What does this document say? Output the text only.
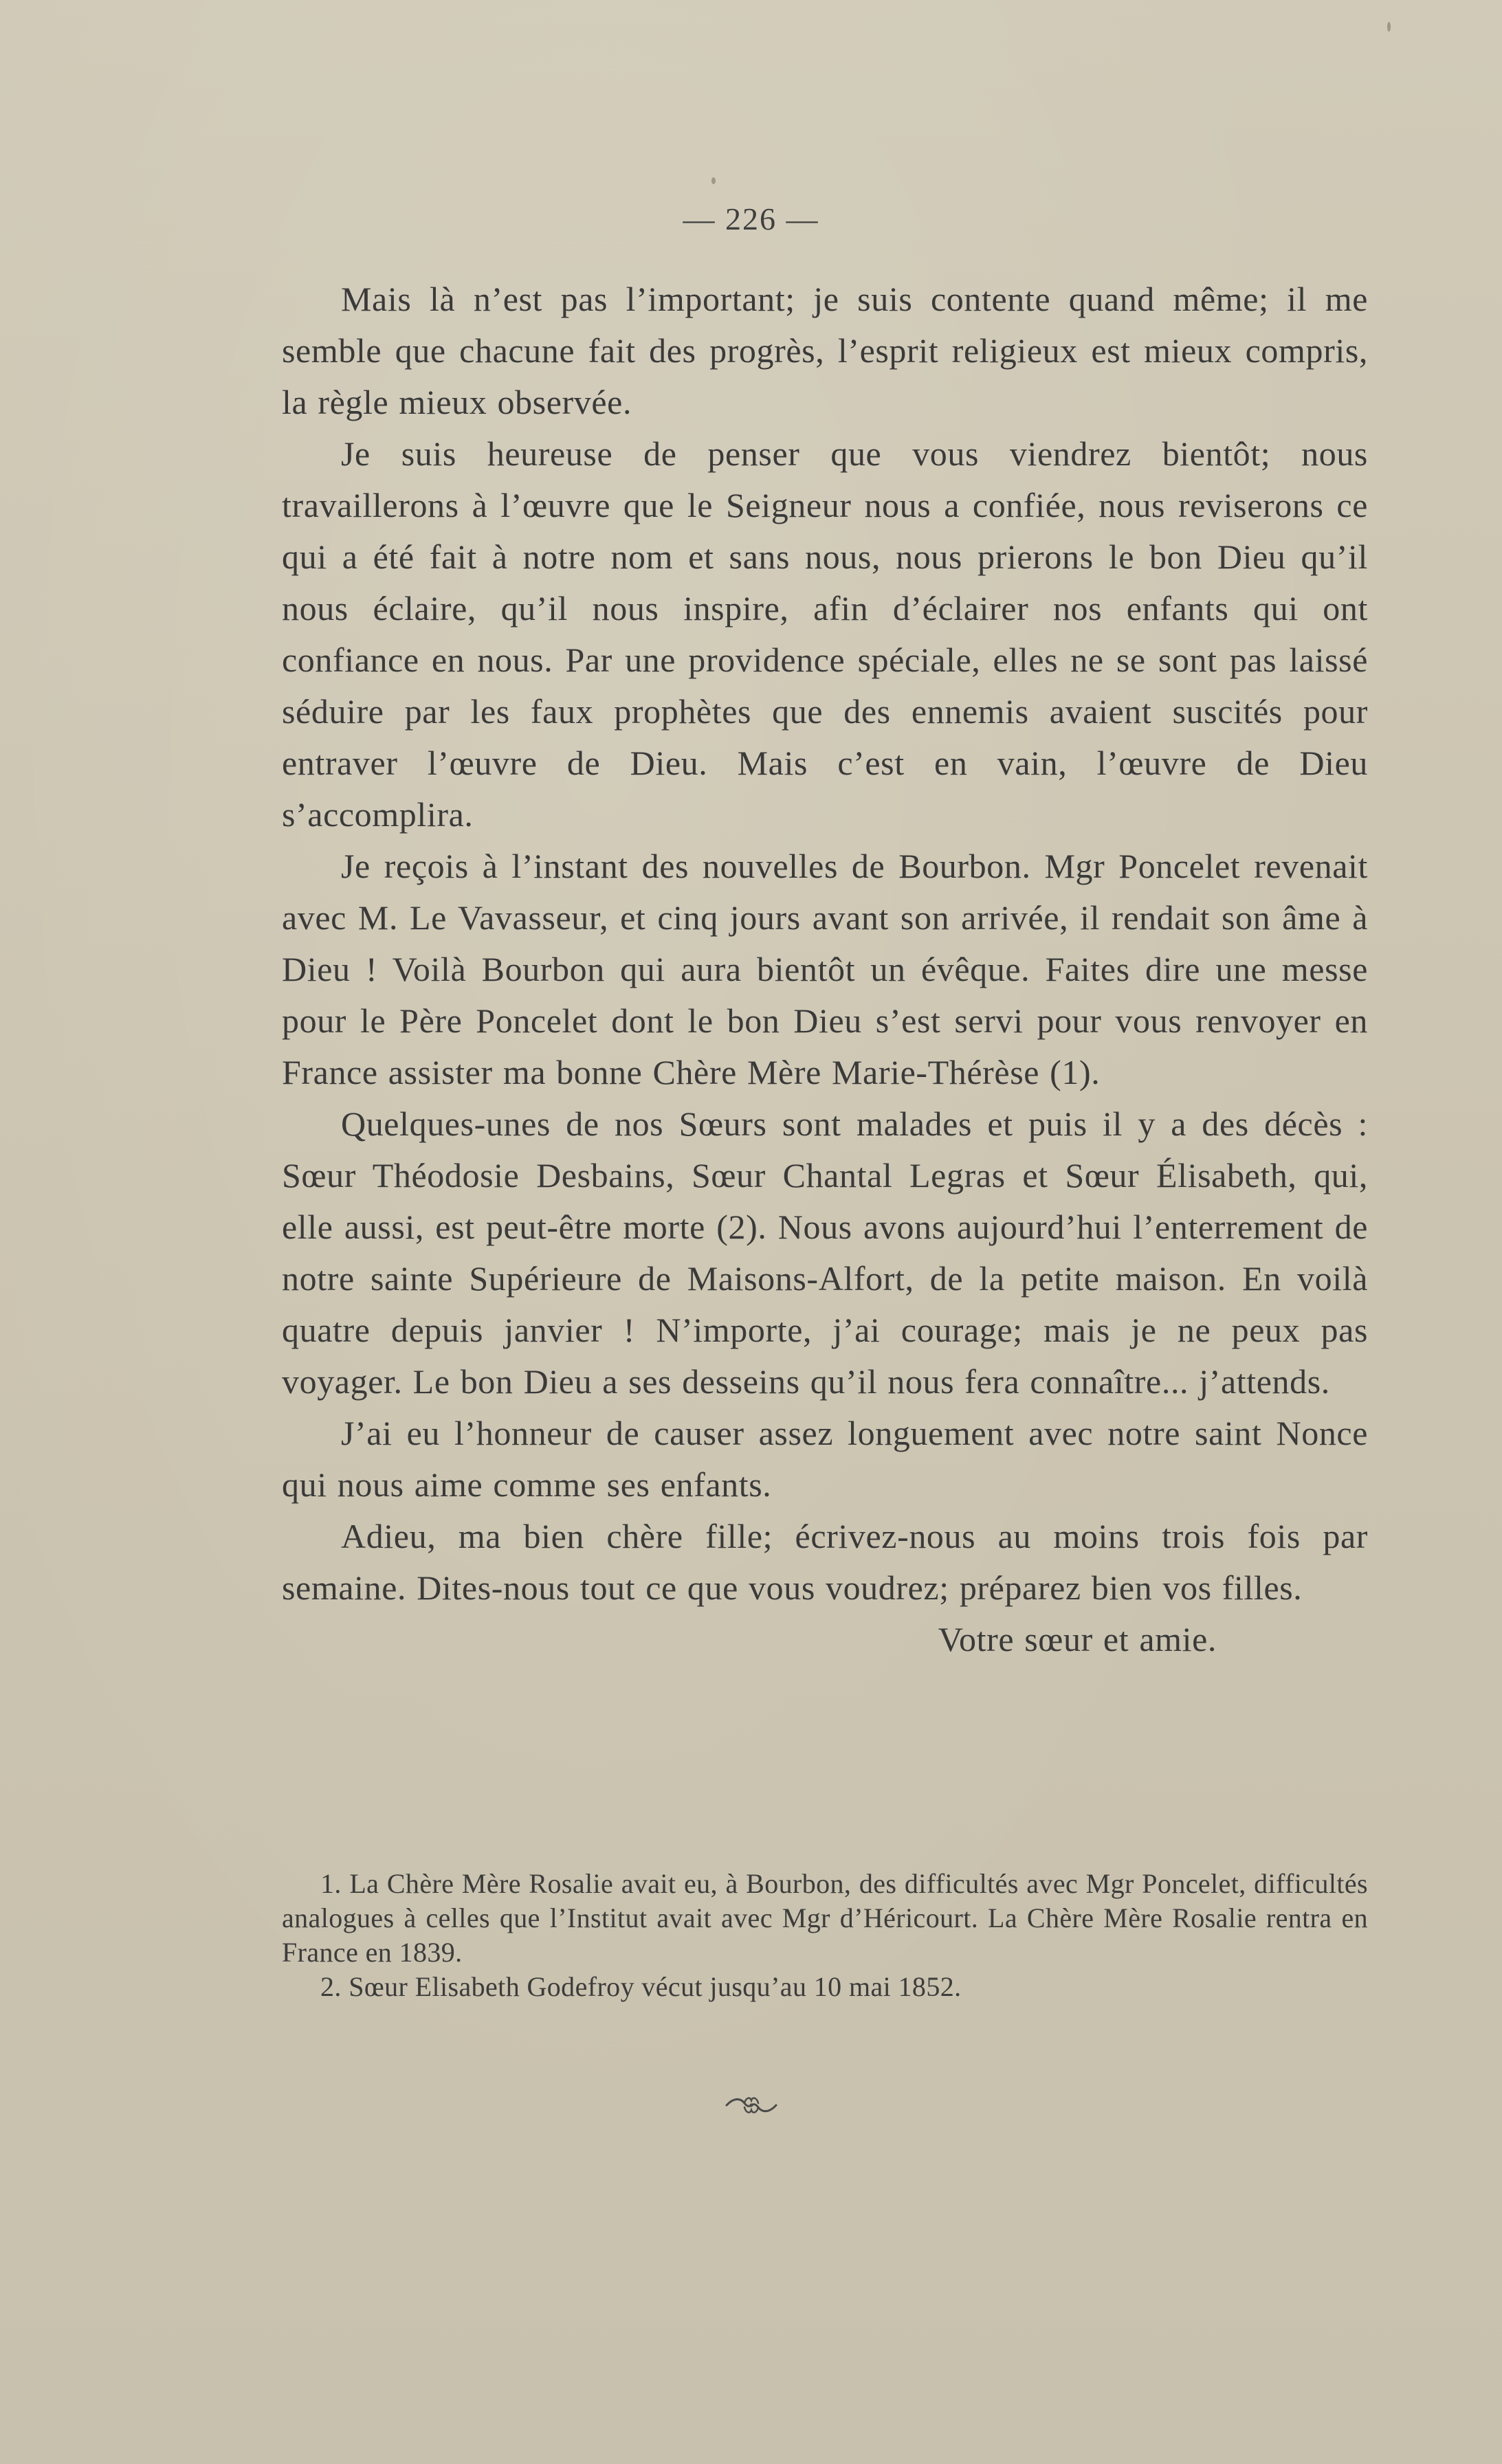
— 226 —

Mais là n’est pas l’important; je suis contente quand même; il me semble que chacune fait des progrès, l’esprit religieux est mieux compris, la règle mieux observée.

Je suis heureuse de penser que vous viendrez bientôt; nous travaillerons à l’œuvre que le Seigneur nous a confiée, nous reviserons ce qui a été fait à notre nom et sans nous, nous prierons le bon Dieu qu’il nous éclaire, qu’il nous inspire, afin d’éclairer nos enfants qui ont confiance en nous. Par une providence spéciale, elles ne se sont pas laissé séduire par les faux prophètes que des ennemis avaient suscités pour entraver l’œuvre de Dieu. Mais c’est en vain, l’œuvre de Dieu s’accomplira.

Je reçois à l’instant des nouvelles de Bourbon. Mgr Poncelet revenait avec M. Le Vavasseur, et cinq jours avant son arrivée, il rendait son âme à Dieu ! Voilà Bourbon qui aura bientôt un évêque. Faites dire une messe pour le Père Poncelet dont le bon Dieu s’est servi pour vous renvoyer en France assister ma bonne Chère Mère Marie-Thérèse (1).

Quelques-unes de nos Sœurs sont malades et puis il y a des décès : Sœur Théodosie Desbains, Sœur Chantal Legras et Sœur Élisabeth, qui, elle aussi, est peut-être morte (2). Nous avons aujourd’hui l’enterrement de notre sainte Supérieure de Maisons-Alfort, de la petite maison. En voilà quatre depuis janvier ! N’importe, j’ai courage; mais je ne peux pas voyager. Le bon Dieu a ses desseins qu’il nous fera connaître... j’attends.

J’ai eu l’honneur de causer assez longuement avec notre saint Nonce qui nous aime comme ses enfants.

Adieu, ma bien chère fille; écrivez-nous au moins trois fois par semaine. Dites-nous tout ce que vous voudrez; préparez bien vos filles.

Votre sœur et amie.

1. La Chère Mère Rosalie avait eu, à Bourbon, des difficultés avec Mgr Poncelet, difficultés analogues à celles que l’Institut avait avec Mgr d’Héricourt. La Chère Mère Rosalie rentra en France en 1839.

2. Sœur Elisabeth Godefroy vécut jusqu’au 10 mai 1852.
